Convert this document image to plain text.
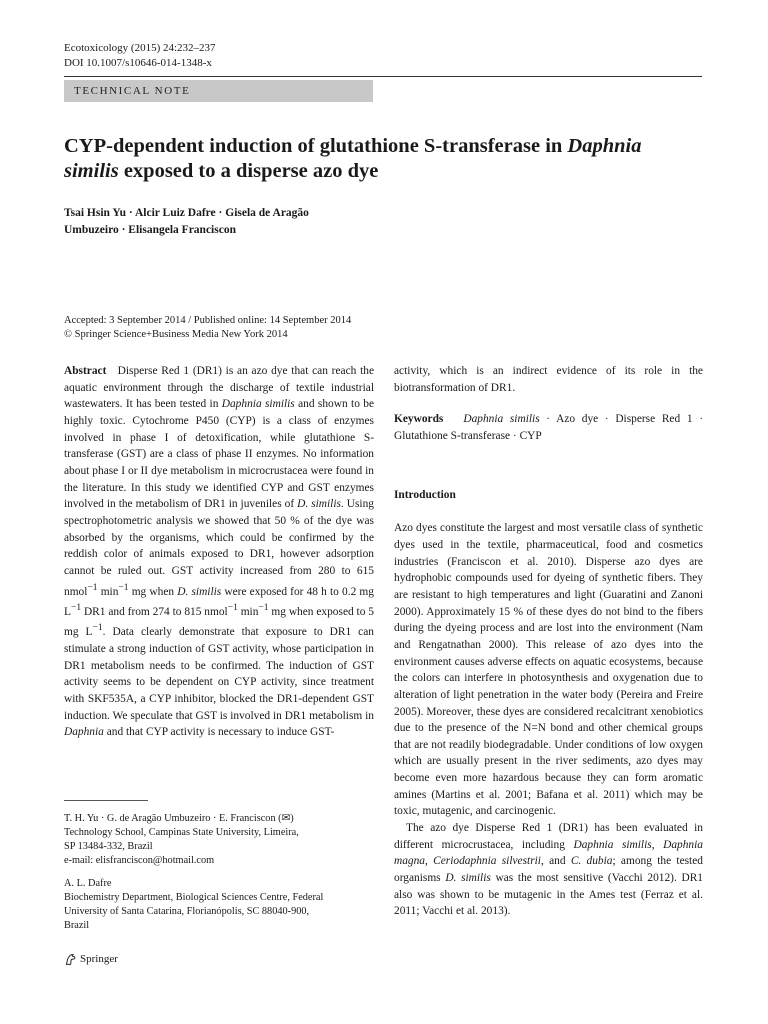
Ecotoxicology (2015) 24:232–237
DOI 10.1007/s10646-014-1348-x
TECHNICAL NOTE
CYP-dependent induction of glutathione S-transferase in Daphnia
similis exposed to a disperse azo dye
Tsai Hsin Yu · Alcir Luiz Dafre · Gisela de Aragão
Umbuzeiro · Elisangela Franciscon
Accepted: 3 September 2014 / Published online: 14 September 2014
© Springer Science+Business Media New York 2014

Abstract Disperse Red 1 (DR1) is an azo dye that can reach the aquatic environment through the discharge of textile industrial wastewaters. It has been tested in Daphnia similis and shown to be highly toxic. Cytochrome P450 (CYP) is a class of enzymes involved in phase I of detoxification, while glutathione S-transferase (GST) are a class of phase II enzymes. No information about phase I or II dye metabolism in microcrustacea were found in the literature. In this study we identified CYP and GST enzymes involved in the metabolism of DR1 in juveniles of D. similis. Using spectrophotometric analysis we showed that 50 % of the dye was absorbed by the organisms, which could be confirmed by the reddish color of animals exposed to DR1, however adsorption cannot be ruled out. GST activity increased from 280 to 615 nmol$^{-1}$ $\min^{-1}$ mg when D. similis were exposed for 48 h to 0.2 mg $L^{-1}$ DR1 and from 274 to 815 nmol$^{-1}$ $\min^{-1}$ mg when exposed to 5 mg $L^{-1}$. Data clearly demonstrate that exposure to DR1 can stimulate a strong induction of GST activity, whose participation in DR1 metabolism needs to be confirmed. The induction of GST activity seems to be dependent on CYP activity, since treatment with SKF535A, a CYP inhibitor, blocked the DR1-dependent GST induction. We speculate that GST is involved in DR1 metabolism in Daphnia and that CYP activity is necessary to induce GST-

activity, which is an indirect evidence of its role in the biotransformation of DR1.

Keywords Daphnia similis · Azo dye · Disperse Red 1 · Glutathione S-transferase · CYP

Introduction

Azo dyes constitute the largest and most versatile class of synthetic dyes used in the textile, pharmaceutical, food and cosmetics industries (Franciscon et al. 2010). Disperse azo dyes are hydrophobic compounds used for dyeing of synthetic fibers. They are resistant to high temperatures and light (Guaratini and Zanoni 2000). Approximately 15 % of these dyes do not bind to the fibers during the dyeing process and are lost into the environment (Nam and Rengatnathan 2000). This release of azo dyes into the environment causes adverse effects on aquatic ecosystems, because the colors can interfere in photosynthesis and oxygenation due to alteration of light penetration in the water body (Pereira and Freire 2005). Moreover, these dyes are considered recalcitrant xenobiotics due to the presence of the N=N bond and other chemical groups that are not readily biodegradable. Under conditions of low oxygen which are usually present in the river sediments, azo dyes may become even more hazardous because they can form aromatic amines (Martins et al. 2001; Bafana et al. 2011) which may be toxic, mutagenic, and carcinogenic.

The azo dye Disperse Red 1 (DR1) has been evaluated in different microcrustacea, including Daphnia similis, Daphnia magna, Ceriodaphnia silvestrii, and C. dubia; among the tested organisms D. similis was the most sensitive (Vacchi 2012). DR1 also was shown to be mutagenic in the Ames test (Ferraz et al. 2011; Vacchi et al. 2013).

T. H. Yu · G. de Aragão Umbuzeiro · E. Franciscon (✉)
Technology School, Campinas State University, Limeira,
SP 13484-332, Brazil
e-mail: elisfranciscon@hotmail.com
A. L. Dafre
Biochemistry Department, Biological Sciences Centre, Federal
University of Santa Catarina, Florianópolis, SC 88040-900,
Brazil
Springer
